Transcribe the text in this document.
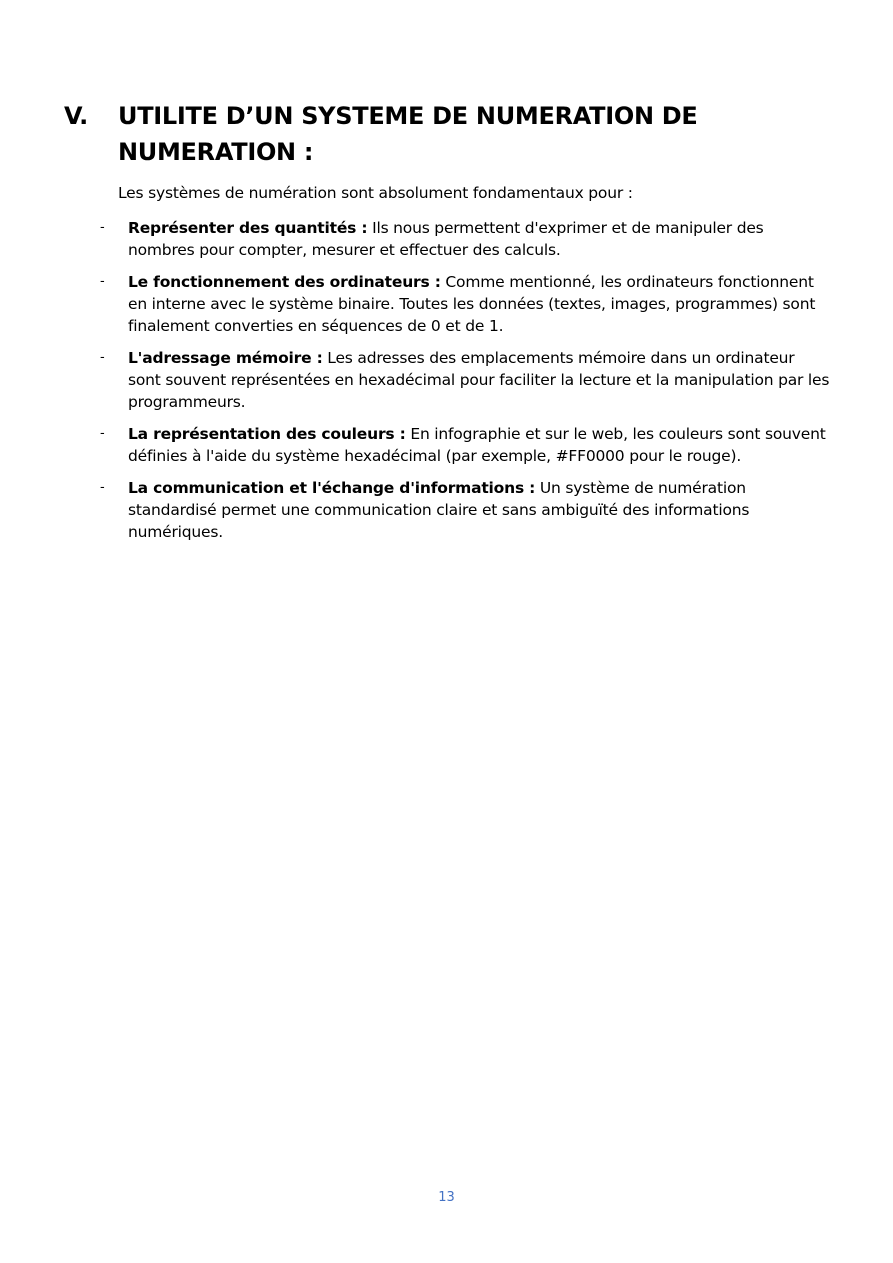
V.	UTILITE D’UN SYSTEME DE NUMERATION DE NUMERATION :
Les systèmes de numération sont absolument fondamentaux pour :
-	Représenter des quantités : Ils nous permettent d'exprimer et de manipuler des nombres pour compter, mesurer et effectuer des calculs.
-	Le fonctionnement des ordinateurs : Comme mentionné, les ordinateurs fonctionnent en interne avec le système binaire. Toutes les données (textes, images, programmes) sont finalement converties en séquences de 0 et de 1.
-	L'adressage mémoire : Les adresses des emplacements mémoire dans un ordinateur sont souvent représentées en hexadécimal pour faciliter la lecture et la manipulation par les programmeurs.
-	La représentation des couleurs : En infographie et sur le web, les couleurs sont souvent définies à l'aide du système hexadécimal (par exemple, #FF0000 pour le rouge).
-	La communication et l'échange d'informations : Un système de numération standardisé permet une communication claire et sans ambiguïté des informations numériques.
13
